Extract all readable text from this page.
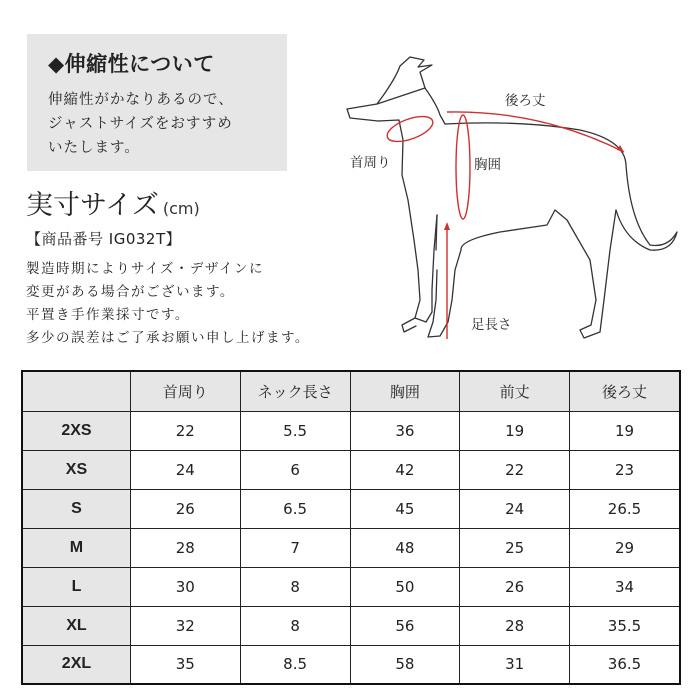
◆伸縮性について
伸縮性がかなりあるので、
ジャストサイズをおすすめ
いたします。
実寸サイズ (cm)
【商品番号 IG032T】
製造時期によりサイズ・デザインに
変更がある場合がございます。
平置き手作業採寸です。
多少の誤差はご了承お願い申し上げます。
後ろ丈
首周り	胸囲
足長さ
	首周り	ネック長さ	胸囲	前丈	後ろ丈
2XS	22	5.5	36	19	19
XS	24	6	42	22	23
S	26	6.5	45	24	26.5
M	28	7	48	25	29
L	30	8	50	26	34
XL	32	8	56	28	35.5
2XL	35	8.5	58	31	36.5
